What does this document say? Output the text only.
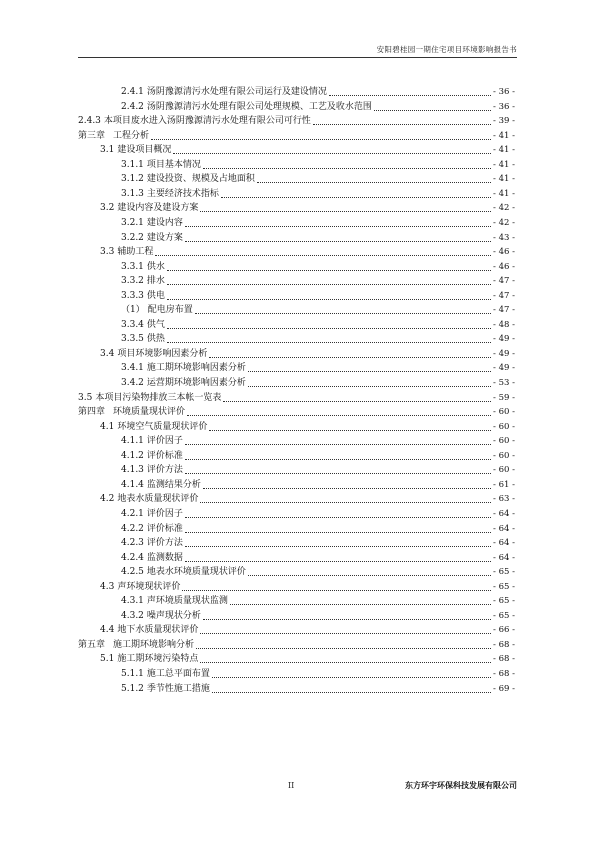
安阳碧桂园一期住宅项目环境影响报告书
2.4.1 汤阴豫源清污水处理有限公司运行及建设情况	- 36 -
2.4.2 汤阴豫源清污水处理有限公司处理规模、工艺及收水范围	- 36 -
2.4.3 本项目废水进入汤阴豫源清污水处理有限公司可行性	- 39 -
第三章 工程分析	- 41 -
3.1 建设项目概况	- 41 -
3.1.1 项目基本情况	- 41 -
3.1.2 建设投资、规模及占地面积	- 41 -
3.1.3 主要经济技术指标	- 41 -
3.2 建设内容及建设方案	- 42 -
3.2.1 建设内容	- 42 -
3.2.2 建设方案	- 43 -
3.3 辅助工程	- 46 -
3.3.1 供水	- 46 -
3.3.2 排水	- 47 -
3.3.3 供电	- 47 -
（1） 配电房布置	- 47 -
3.3.4 供气	- 48 -
3.3.5 供热	- 49 -
3.4 项目环境影响因素分析	- 49 -
3.4.1 施工期环境影响因素分析	- 49 -
3.4.2 运营期环境影响因素分析	- 53 -
3.5 本项目污染物排放三本帐一览表	- 59 -
第四章 环境质量现状评价	- 60 -
4.1 环境空气质量现状评价	- 60 -
4.1.1 评价因子	- 60 -
4.1.2 评价标准	- 60 -
4.1.3 评价方法	- 60 -
4.1.4 监测结果分析	- 61 -
4.2 地表水质量现状评价	- 63 -
4.2.1 评价因子	- 64 -
4.2.2 评价标准	- 64 -
4.2.3 评价方法	- 64 -
4.2.4 监测数据	- 64 -
4.2.5 地表水环境质量现状评价	- 65 -
4.3 声环境现状评价	- 65 -
4.3.1 声环境质量现状监测	- 65 -
4.3.2 噪声现状分析	- 65 -
4.4 地下水质量现状评价	- 66 -
第五章 施工期环境影响分析	- 68 -
5.1 施工期环境污染特点	- 68 -
5.1.1 施工总平面布置	- 68 -
5.1.2 季节性施工措施	- 69 -
II	东方环宇环保科技发展有限公司
